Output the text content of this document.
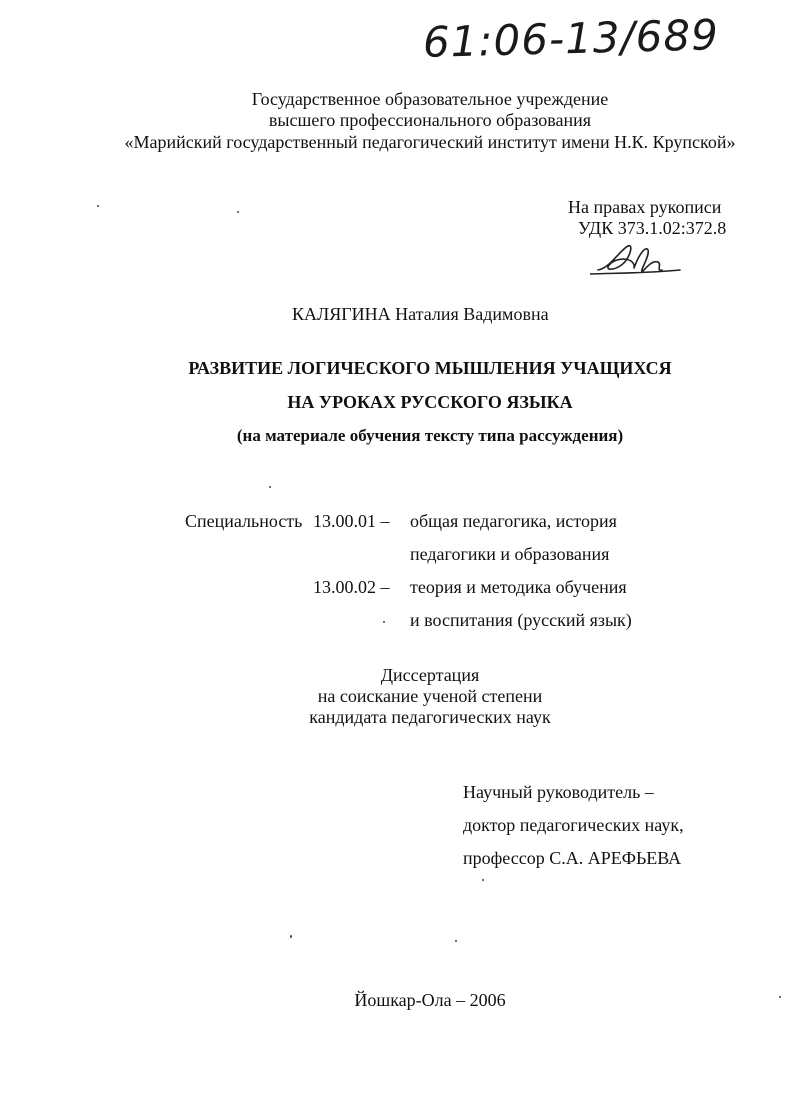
61:06-13/689
Государственное образовательное учреждение
высшего профессионального образования
«Марийский государственный педагогический институт имени Н.К. Крупской»
На правах рукописи
УДК 373.1.02:372.8
КАЛЯГИНА Наталия Вадимовна
РАЗВИТИЕ ЛОГИЧЕСКОГО МЫШЛЕНИЯ УЧАЩИХСЯ
НА УРОКАХ РУССКОГО ЯЗЫКА
(на материале обучения тексту типа рассуждения)
Специальность 13.00.01 – общая педагогика, история
педагогики и образования
13.00.02 – теория и методика обучения
и воспитания (русский язык)
Диссертация
на соискание ученой степени
кандидата педагогических наук
Научный руководитель –
доктор педагогических наук,
профессор С.А. АРЕФЬЕВА
Йошкар-Ола – 2006
